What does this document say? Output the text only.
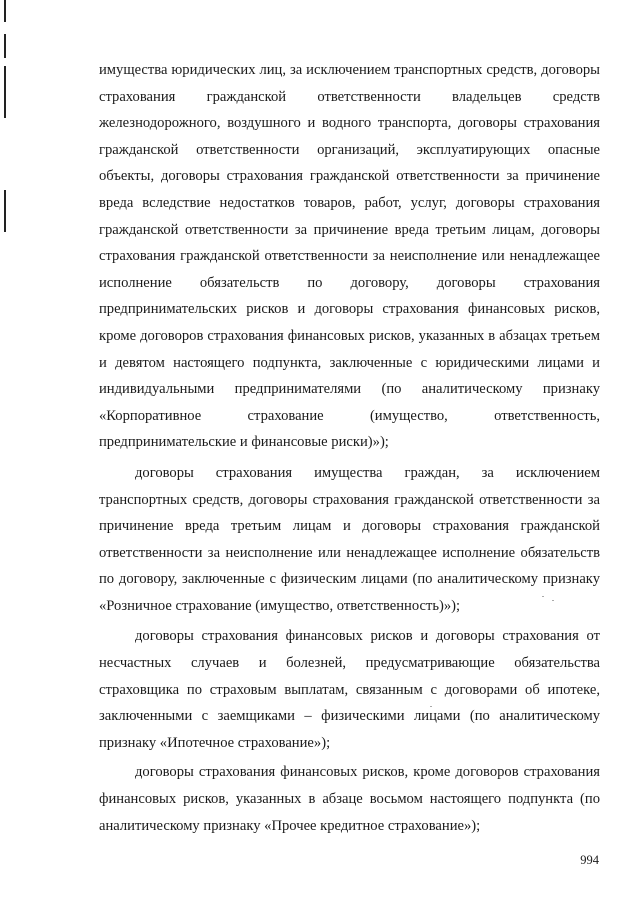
имущества юридических лиц, за исключением транспортных средств, договоры страхования гражданской ответственности владельцев средств железнодорожного, воздушного и водного транспорта, договоры страхования гражданской ответственности организаций, эксплуатирующих опасные объекты, договоры страхования гражданской ответственности за причинение вреда вследствие недостатков товаров, работ, услуг, договоры страхования гражданской ответственности за причинение вреда третьим лицам, договоры страхования гражданской ответственности за неисполнение или ненадлежащее исполнение обязательств по договору, договоры страхования предпринимательских рисков и договоры страхования финансовых рисков, кроме договоров страхования финансовых рисков, указанных в абзацах третьем и девятом настоящего подпункта, заключенные с юридическими лицами и индивидуальными предпринимателями (по аналитическому признаку «Корпоративное страхование (имущество, ответственность, предпринимательские и финансовые риски)»);

договоры страхования имущества граждан, за исключением транспортных средств, договоры страхования гражданской ответственности за причинение вреда третьим лицам и договоры страхования гражданской ответственности за неисполнение или ненадлежащее исполнение обязательств по договору, заключенные с физическим лицами (по аналитическому признаку «Розничное страхование (имущество, ответственность)»);

договоры страхования финансовых рисков и договоры страхования от несчастных случаев и болезней, предусматривающие обязательства страховщика по страховым выплатам, связанным с договорами об ипотеке, заключенными с заемщиками – физическими лицами (по аналитическому признаку «Ипотечное страхование»);

договоры страхования финансовых рисков, кроме договоров страхования финансовых рисков, указанных в абзаце восьмом настоящего подпункта (по аналитическому признаку «Прочее кредитное страхование»);

994
